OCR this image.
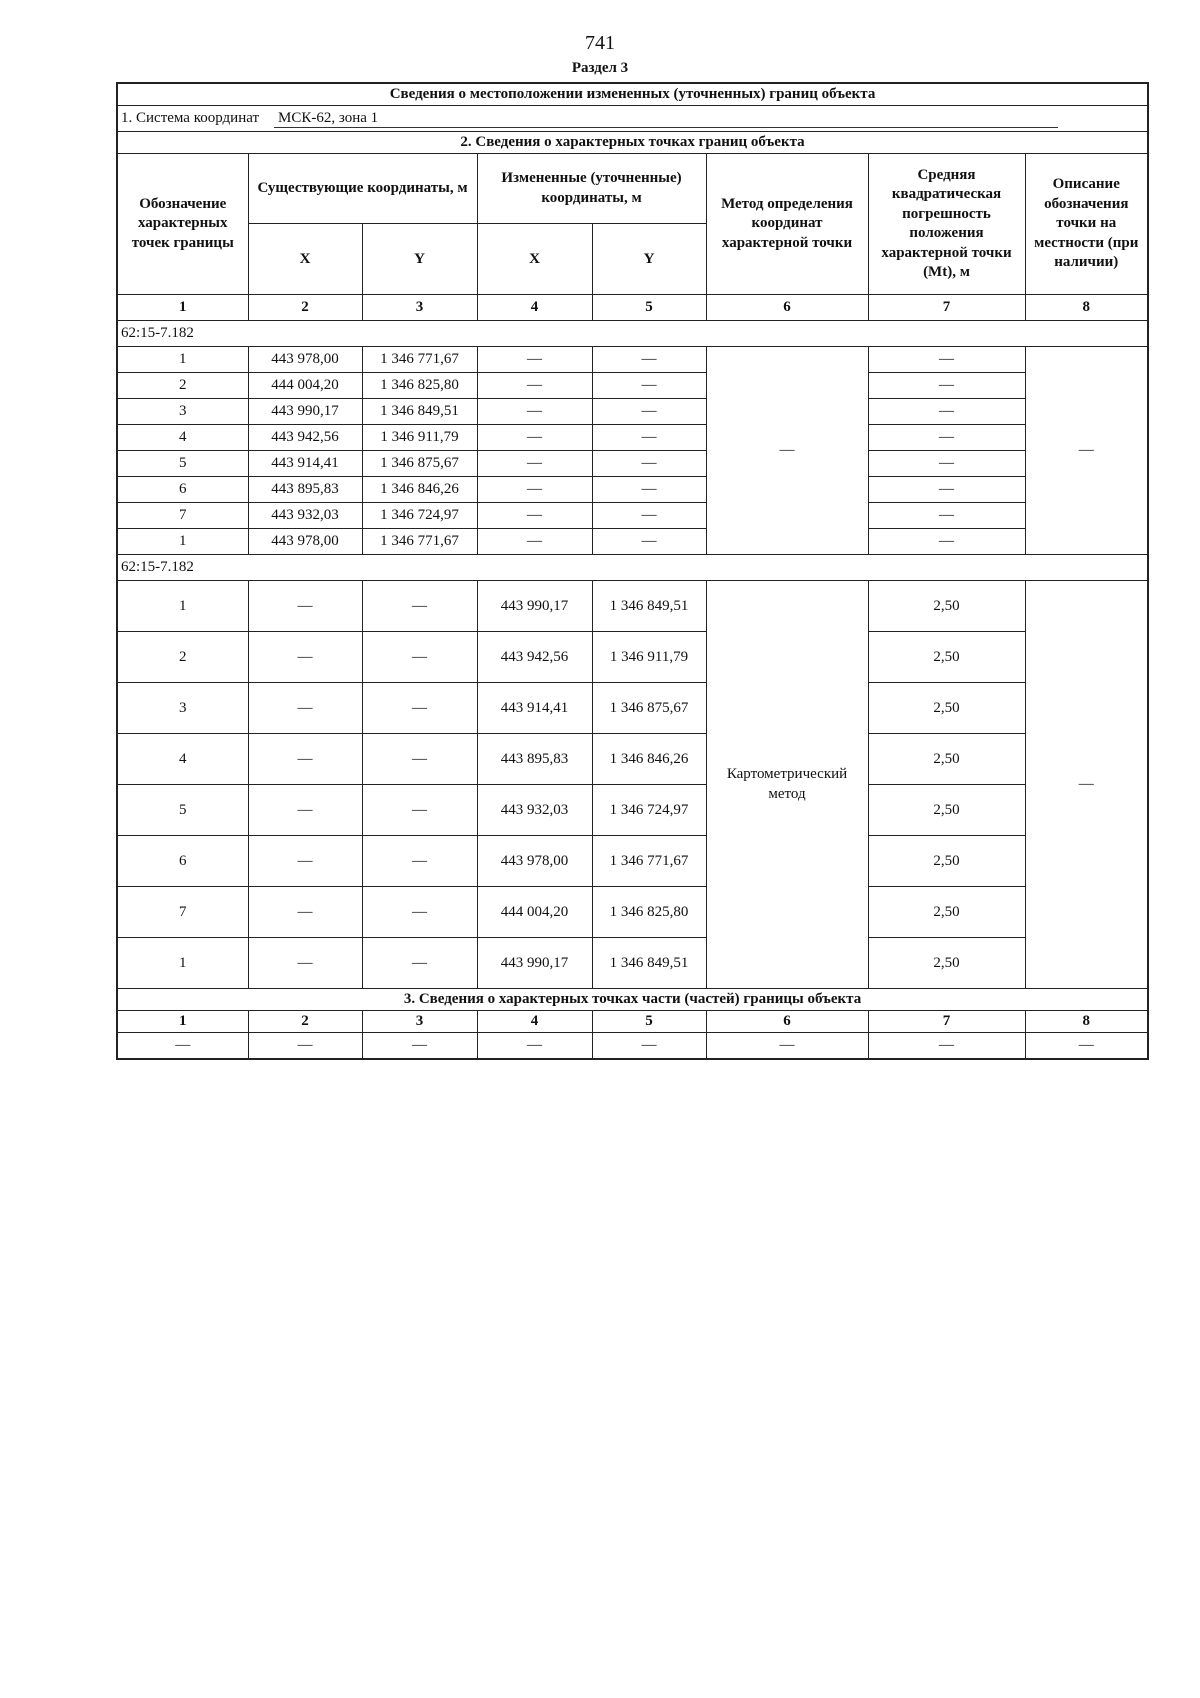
741
Раздел 3
Сведения о местоположении измененных (уточненных) границ объекта							
1. Система координат МСК-62, зона 1							
2. Сведения о характерных точках границ объекта							
Обозначение характерных точек границы	Существующие координаты, м		Измененные (уточненные) координаты, м		Метод определения координат характерной точки	Средняя квадратическая погрешность положения характерной точки (Mt), м	Описание обозначения точки на местности (при наличии)
	X	Y	X	Y			
1	2	3	4	5	6	7	8
62:15-7.182							
1	443 978,00	1 346 771,67	—	—	—	—	—
2	444 004,20	1 346 825,80	—	—		—	
3	443 990,17	1 346 849,51	—	—		—	
4	443 942,56	1 346 911,79	—	—		—	
5	443 914,41	1 346 875,67	—	—		—	
6	443 895,83	1 346 846,26	—	—		—	
7	443 932,03	1 346 724,97	—	—		—	
1	443 978,00	1 346 771,67	—	—		—	
62:15-7.182							
1	—	—	443 990,17	1 346 849,51	Картометрический метод	2,50	—
2	—	—	443 942,56	1 346 911,79		2,50	
3	—	—	443 914,41	1 346 875,67		2,50	
4	—	—	443 895,83	1 346 846,26		2,50	
5	—	—	443 932,03	1 346 724,97		2,50	
6	—	—	443 978,00	1 346 771,67		2,50	
7	—	—	444 004,20	1 346 825,80		2,50	
1	—	—	443 990,17	1 346 849,51		2,50	
3. Сведения о характерных точках части (частей) границы объекта							
1	2	3	4	5	6	7	8
—	—	—	—	—	—	—	—
